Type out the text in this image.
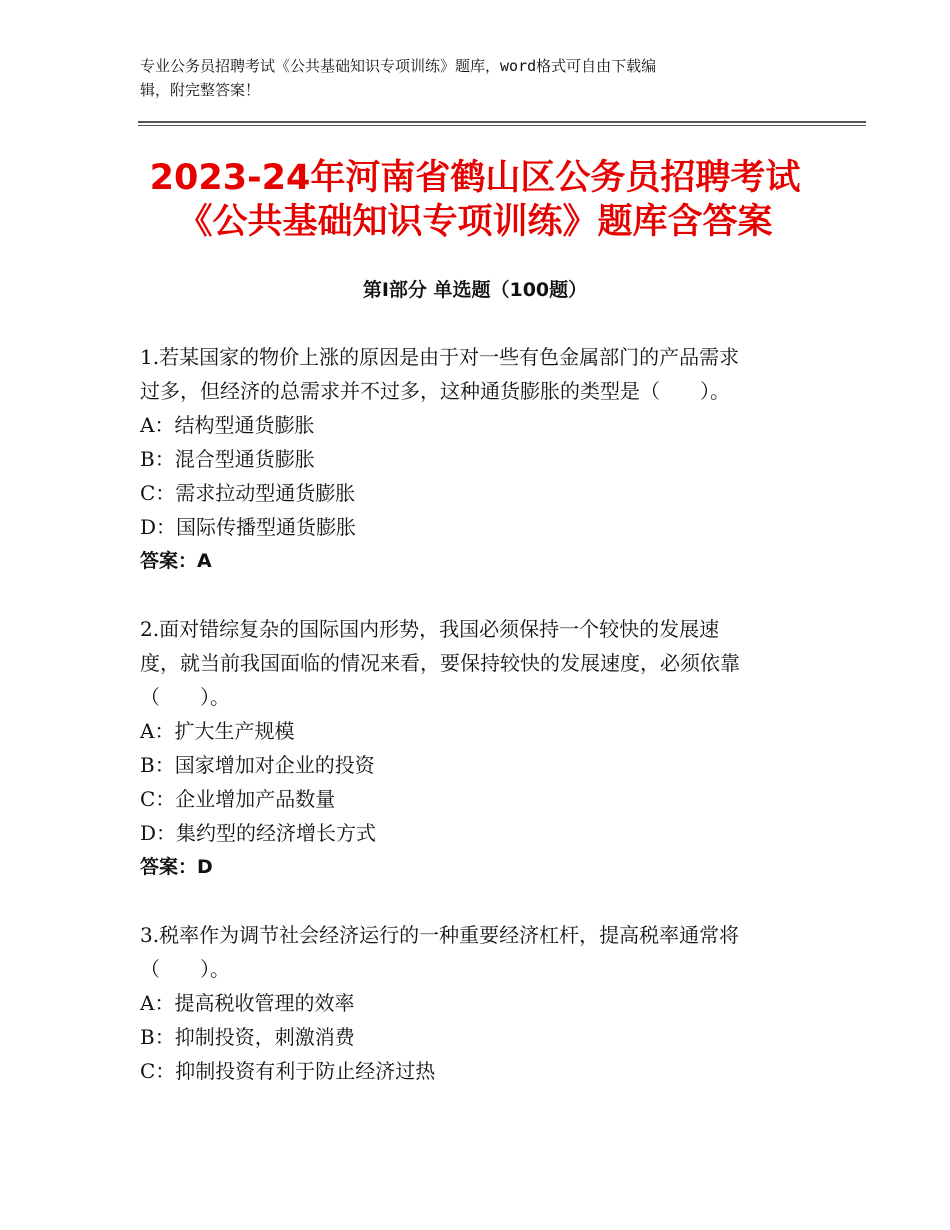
专业公务员招聘考试《公共基础知识专项训练》题库，word格式可自由下载编
辑，附完整答案！
2023-24年河南省鹤山区公务员招聘考试
《公共基础知识专项训练》题库含答案
第Ⅰ部分 单选题（100题）
1.若某国家的物价上涨的原因是由于对一些有色金属部门的产品需求
过多，但经济的总需求并不过多，这种通货膨胀的类型是（　　）。
A：结构型通货膨胀
B：混合型通货膨胀
C：需求拉动型通货膨胀
D：国际传播型通货膨胀
答案：A
2.面对错综复杂的国际国内形势，我国必须保持一个较快的发展速
度，就当前我国面临的情况来看，要保持较快的发展速度，必须依靠
（　　）。
A：扩大生产规模
B：国家增加对企业的投资
C：企业增加产品数量
D：集约型的经济增长方式
答案：D
3.税率作为调节社会经济运行的一种重要经济杠杆，提高税率通常将
（　　）。
A：提高税收管理的效率
B：抑制投资，刺激消费
C：抑制投资有利于防止经济过热
